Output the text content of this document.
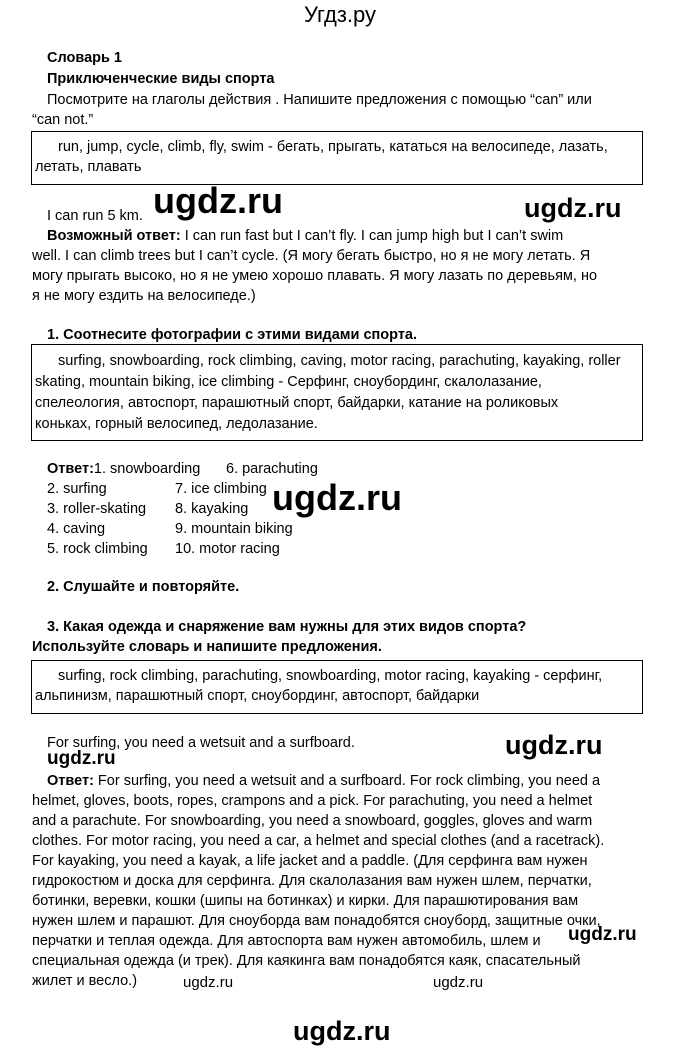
Угдз.ру
Словарь 1
Приключенческие виды спорта
Посмотрите на глаголы действия . Напишите предложения с помощью “can” или
“can not.”
run, jump, cycle, climb, fly, swim - бегать, прыгать, кататься на велосипеде, лазать,
летать, плавать
I can run 5 km.
Возможный ответ: I can run fast but I can’t fly. I can jump high but I can’t swim
well. I can climb trees but I can’t cycle. (Я могу бегать быстро, но я не могу летать. Я
могу прыгать высоко, но я не умею хорошо плавать. Я могу лазать по деревьям, но
я не могу ездить на велосипеде.)
1. Соотнесите фотографии с этими видами спорта.
surfing, snowboarding, rock climbing, caving, motor racing, parachuting, kayaking, roller
skating, mountain biking, ice climbing - Серфинг, сноубординг, скалолазание,
спелеология, автоспорт, парашютный спорт, байдарки, катание на роликовых
коньках, горный велосипед, ледолазание.
Ответ:1. snowboarding 6. parachuting
2. surfing	7. ice climbing
3. roller-skating 8. kayaking
4. caving	9. mountain biking
5. rock climbing 10. motor racing
2. Слушайте и повторяйте.
3. Какая одежда и снаряжение вам нужны для этих видов спорта?
Используйте словарь и напишите предложения.
surfing, rock climbing, parachuting, snowboarding, motor racing, kayaking - серфинг,
альпинизм, парашютный спорт, сноубординг, автоспорт, байдарки
For surfing, you need a wetsuit and a surfboard.
Ответ: For surfing, you need a wetsuit and a surfboard. For rock climbing, you need a
helmet, gloves, boots, ropes, crampons and a pick. For parachuting, you need a helmet
and a parachute. For snowboarding, you need a snowboard, goggles, gloves and warm
clothes. For motor racing, you need a car, a helmet and special clothes (and a racetrack).
For kayaking, you need a kayak, a life jacket and a paddle. (Для серфинга вам нужен
гидрокостюм и доска для серфинга. Для скалолазания вам нужен шлем, перчатки,
ботинки, веревки, кошки (шипы на ботинках) и кирки. Для парашютирования вам
нужен шлем и парашют. Для сноуборда вам понадобятся сноуборд, защитные очки,
перчатки и теплая одежда. Для автоспорта вам нужен автомобиль, шлем и
специальная одежда (и трек). Для каякинга вам понадобятся каяк, спасательный
жилет и весло.)
ugdz.ru	ugdz.ru
ugdz.ru
ugdz.ru
ugdz.ru
ugdz.ru
ugdz.ru	ugdz.ru
ugdz.ru
